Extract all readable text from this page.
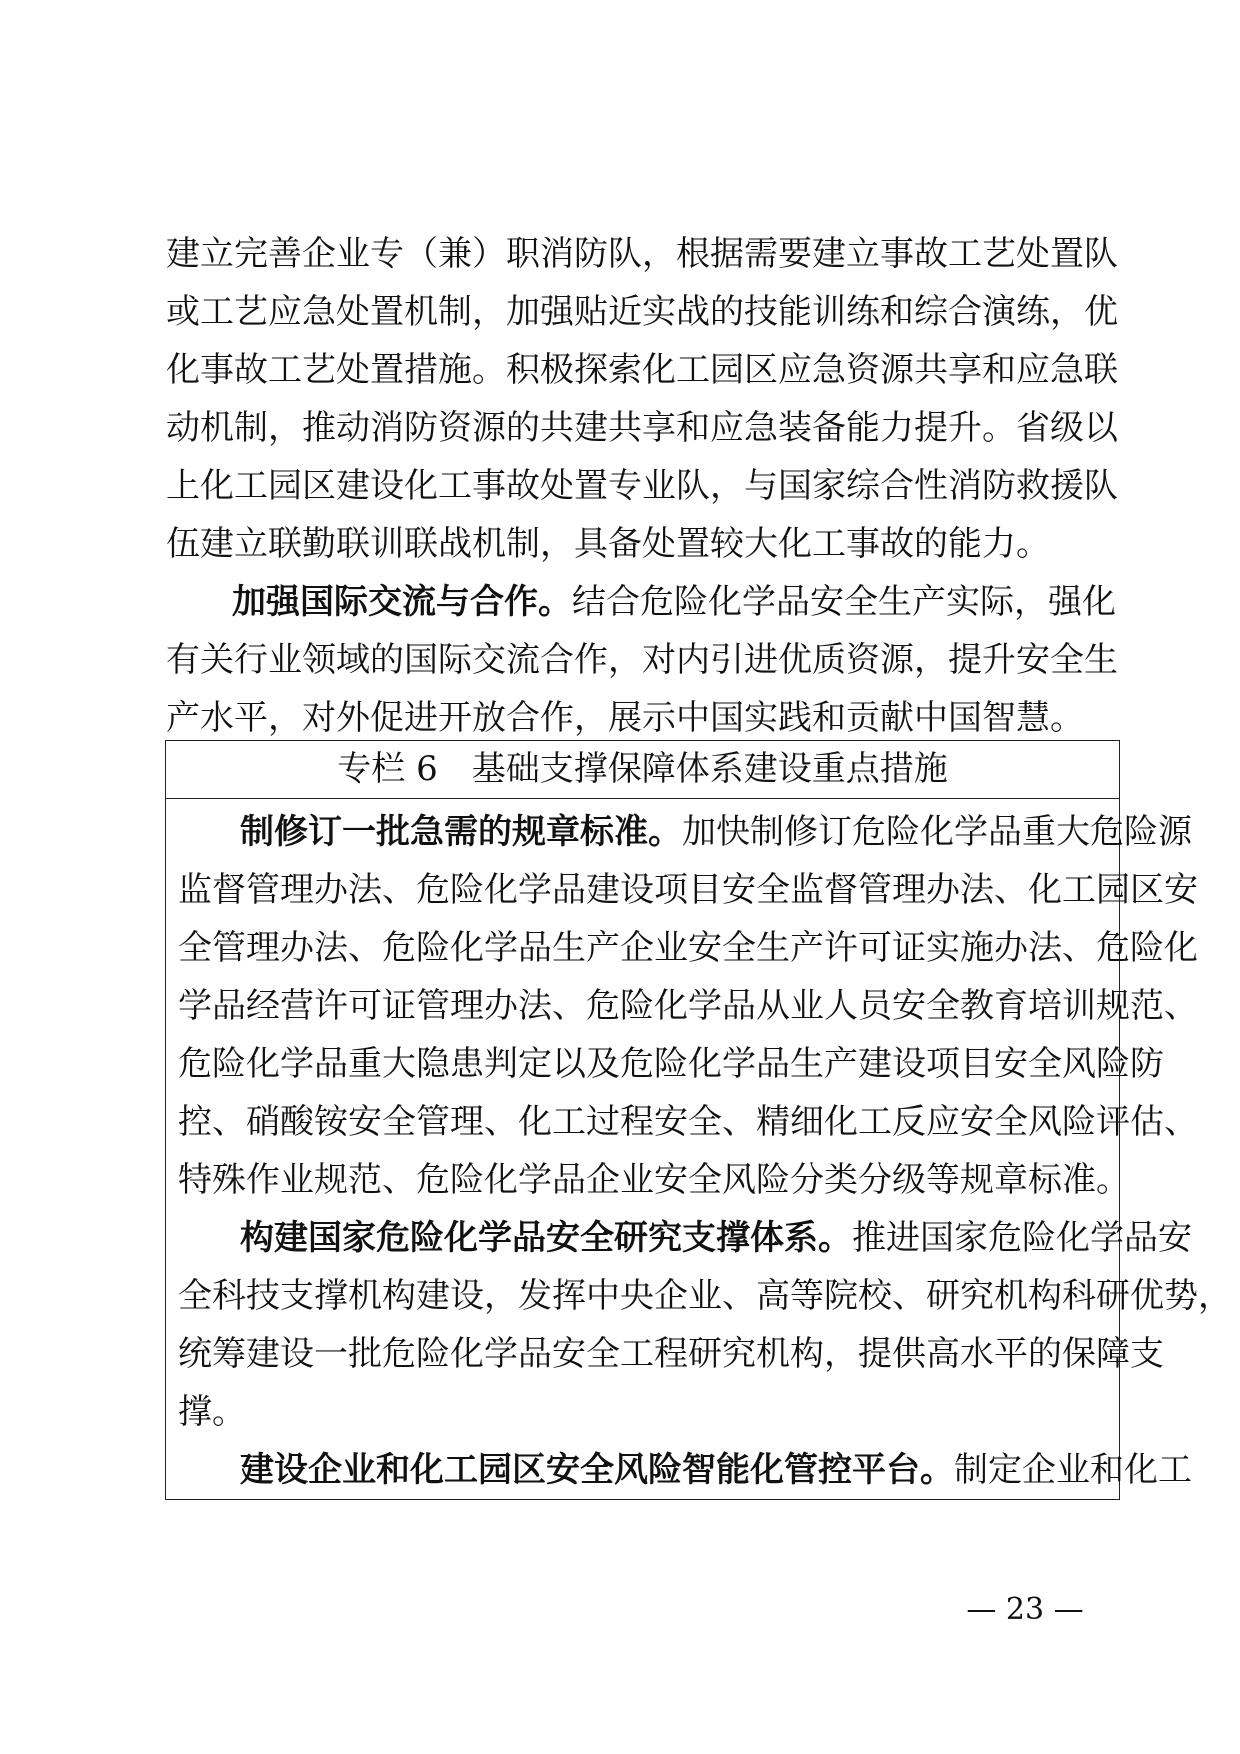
建立完善企业专（兼）职消防队，根据需要建立事故工艺处置队
或工艺应急处置机制，加强贴近实战的技能训练和综合演练，优
化事故工艺处置措施。积极探索化工园区应急资源共享和应急联
动机制，推动消防资源的共建共享和应急装备能力提升。省级以
上化工园区建设化工事故处置专业队，与国家综合性消防救援队
伍建立联勤联训联战机制，具备处置较大化工事故的能力。
加强国际交流与合作。结合危险化学品安全生产实际，强化
有关行业领域的国际交流合作，对内引进优质资源，提升安全生
产水平，对外促进开放合作，展示中国实践和贡献中国智慧。
专栏 6　基础支撑保障体系建设重点措施
制修订一批急需的规章标准。加快制修订危险化学品重大危险源
监督管理办法、危险化学品建设项目安全监督管理办法、化工园区安
全管理办法、危险化学品生产企业安全生产许可证实施办法、危险化
学品经营许可证管理办法、危险化学品从业人员安全教育培训规范、
危险化学品重大隐患判定以及危险化学品生产建设项目安全风险防
控、硝酸铵安全管理、化工过程安全、精细化工反应安全风险评估、
特殊作业规范、危险化学品企业安全风险分类分级等规章标准。
构建国家危险化学品安全研究支撑体系。推进国家危险化学品安
全科技支撑机构建设，发挥中央企业、高等院校、研究机构科研优势，
统筹建设一批危险化学品安全工程研究机构，提供高水平的保障支
撑。
建设企业和化工园区安全风险智能化管控平台。制定企业和化工
— 23 —
